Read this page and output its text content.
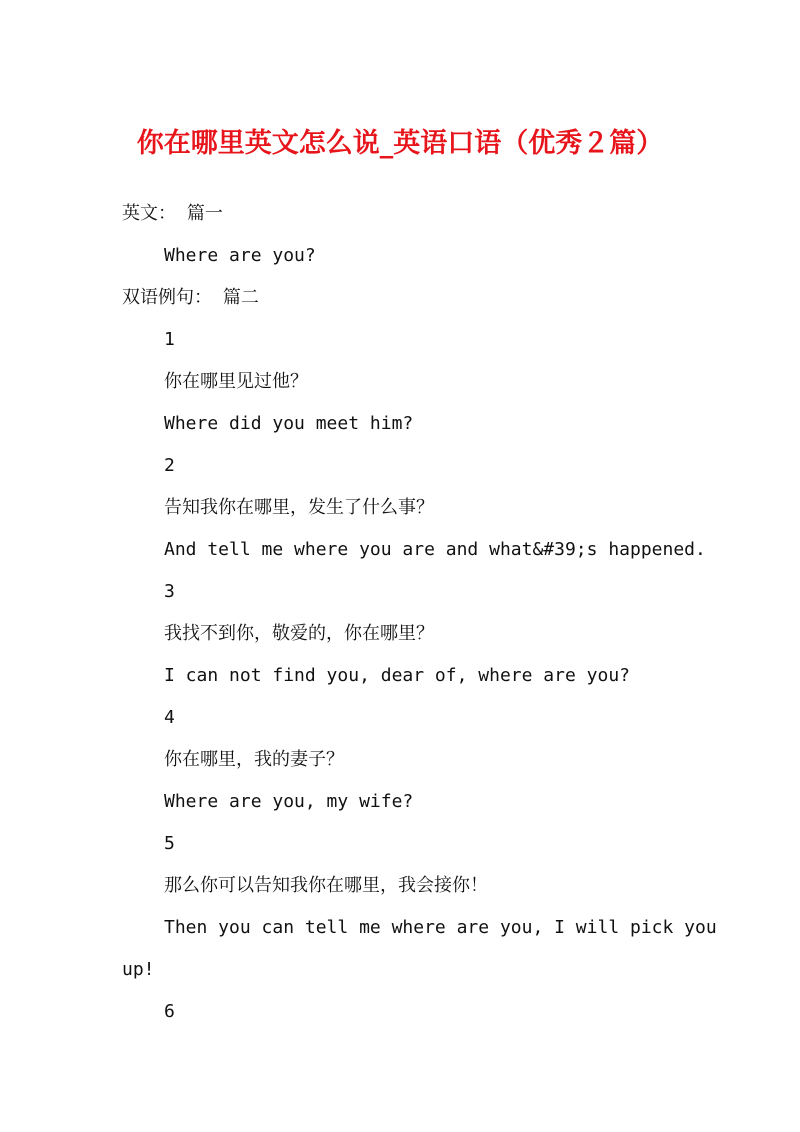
你在哪里英文怎么说_英语口语（优秀２篇）
英文： 篇一
Where are you?
双语例句： 篇二
1
你在哪里见过他？
Where did you meet him?
2
告知我你在哪里，发生了什么事？
And tell me where you are and what&#39;s happened.
3
我找不到你，敬爱的，你在哪里？
I can not find you, dear of, where are you?
4
你在哪里，我的妻子？
Where are you, my wife?
5
那么你可以告知我你在哪里，我会接你！
Then you can tell me where are you, I will pick you
up!
6
